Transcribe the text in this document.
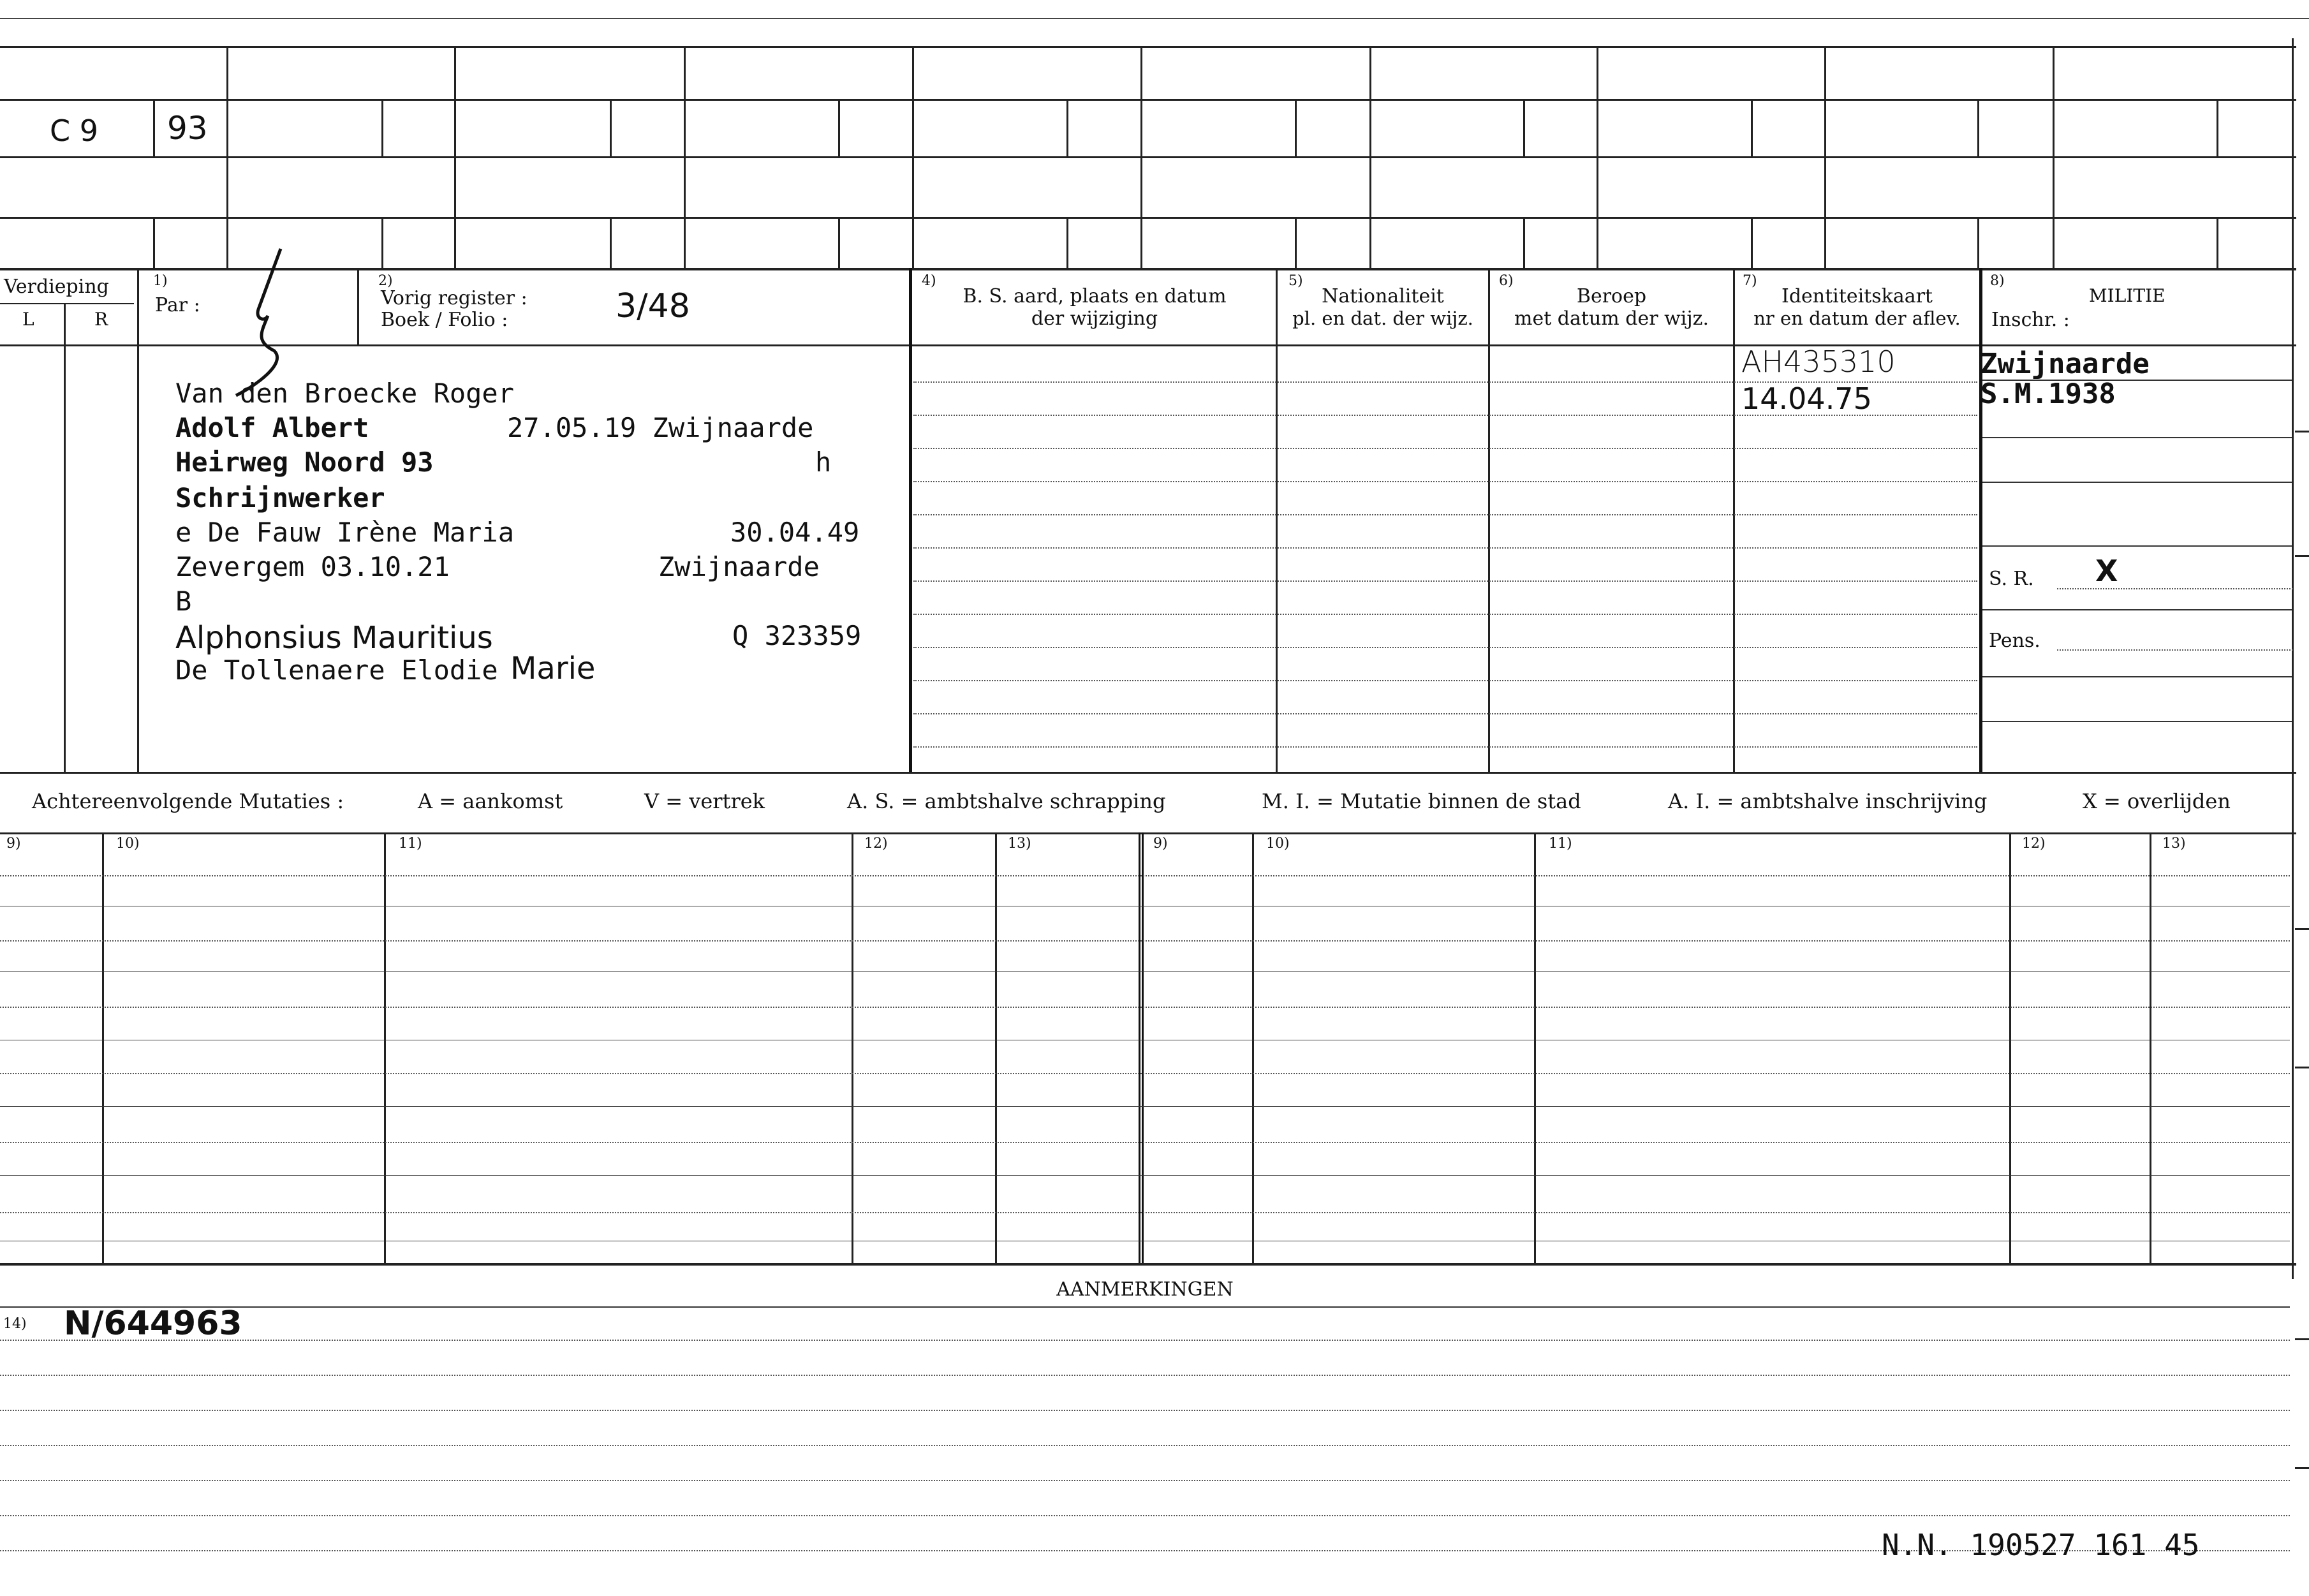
C 9 93
Verdieping
L	R
1)
Par :
2)
Vorig register :
Boek / Folio :	3/48
4)
B. S. aard, plaats en datum
der wijziging
5)
Nationaliteit
pl. en dat. der wijz.
6)
Beroep
met datum der wijz.
7)
Identiteitskaart
nr en datum der aflev.
8)
MILITIE
Inschr. :
Van den Broecke Roger
Adolf Albert	27.05.19 Zwijnaarde
Heirweg Noord 93	h
Schrijnwerker
e De Fauw Irène Maria	30.04.49
Zevergem 03.10.21	Zwijnaarde
B
Alphonsius Mauritius	Q 323359
De Tollenaere Elodie Marie
AH435310
14.04.75
Zwijnaarde
S.M.1938
S. R. X
Pens.
Achtereenvolgende Mutaties :	A = aankomst	V = vertrek	A. S. = ambtshalve schrapping	M. I. = Mutatie binnen de stad	A. I. = ambtshalve inschrijving	X = overlijden
9)	10)	11)	12)	13)	9)	10)	11)	12)	13)
AANMERKINGEN
14) N/644963
N.N. 190527 161 45
